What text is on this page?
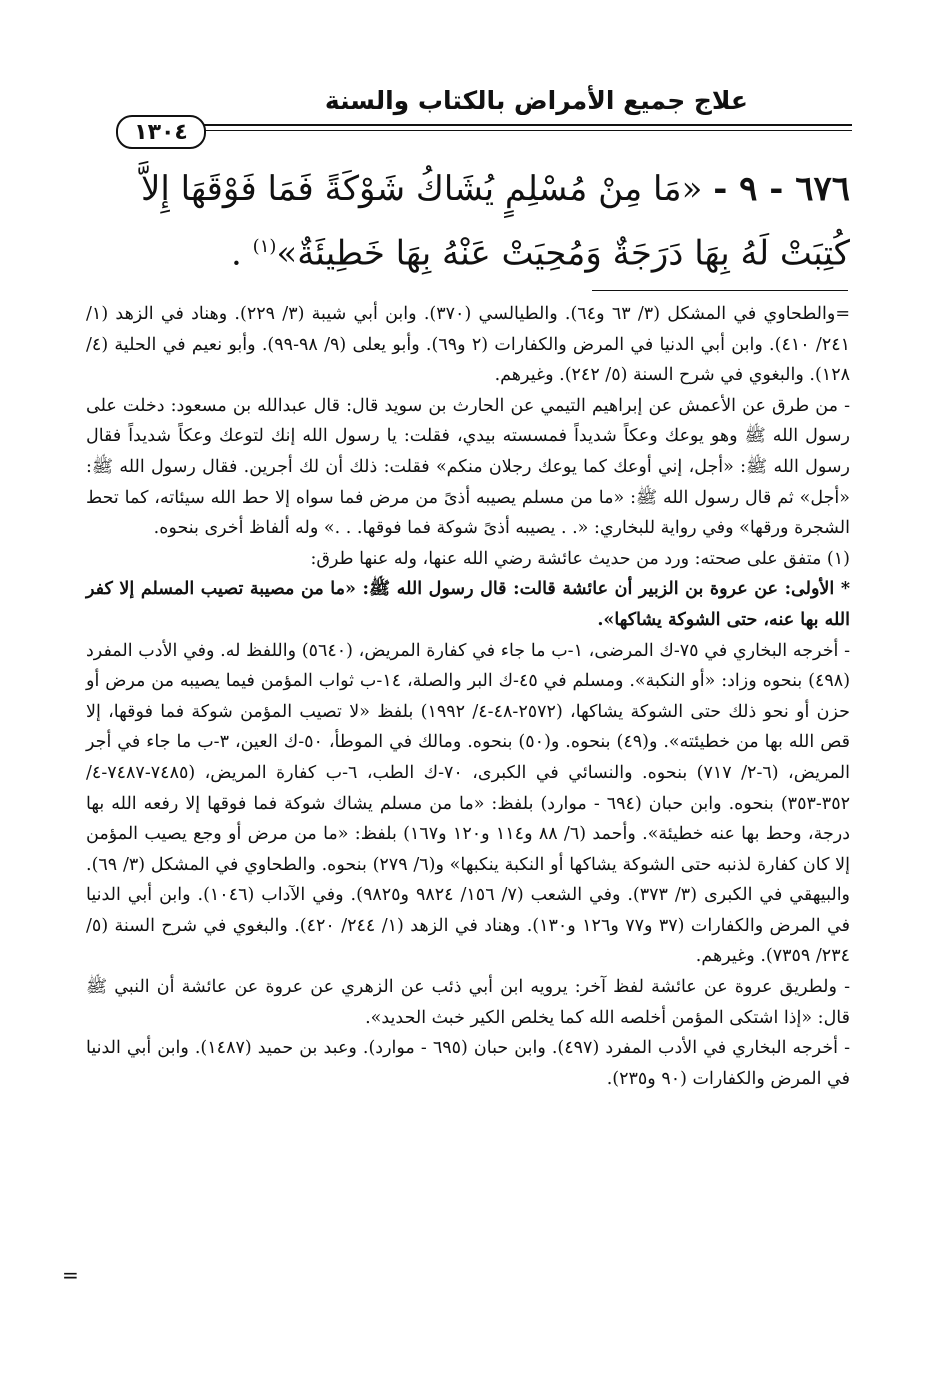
علاج جميع الأمراض بالكتاب والسنة
١٣٠٤
٦٧٦ - ٩ - «مَا مِنْ مُسْلِمٍ يُشَاكُ شَوْكَةً فَمَا فَوْقَهَا إِلاَّ كُتِبَتْ لَهُ بِهَا دَرَجَةٌ وَمُحِيَتْ عَنْهُ بِهَا خَطِيئَةٌ»$^{(١)}$ .

=والطحاوي في المشكل (٣/ ٦٣ و٦٤). والطيالسي (٣٧٠). وابن أبي شيبة (٣/ ٢٢٩). وهناد في الزهد (١/ ٢٤١/ ٤١٠). وابن أبي الدنيا في المرض والكفارات (٢ و٦٩). وأبو يعلى (٩/ ٩٨-٩٩). وأبو نعيم في الحلية (٤/ ١٢٨). والبغوي في شرح السنة (٥/ ٢٤٢). وغيرهم.

- من طرق عن الأعمش عن إبراهيم التيمي عن الحارث بن سويد قال: قال عبدالله بن مسعود: دخلت على رسول الله ﷺ وهو يوعك وعكاً شديداً فمسسته بيدي، فقلت: يا رسول الله إنك لتوعك وعكاً شديداً فقال رسول الله ﷺ: «أجل، إني أوعك كما يوعك رجلان منكم» فقلت: ذلك أن لك أجرين. فقال رسول الله ﷺ: «أجل» ثم قال رسول الله ﷺ: «ما من مسلم يصيبه أذىً من مرض فما سواه إلا حط الله سيئاته، كما تحط الشجرة ورقها» وفي رواية للبخاري: «. . يصيبه أذىً شوكة فما فوقها. . .» وله ألفاظ أخرى بنحوه.

(١) متفق على صحته: ورد من حديث عائشة رضي الله عنها، وله عنها طرق:

* الأولى: عن عروة بن الزبير أن عائشة قالت: قال رسول الله ﷺ: «ما من مصيبة تصيب المسلم إلا كفر الله بها عنه، حتى الشوكة يشاكها».

- أخرجه البخاري في ٧٥-ك المرضى، ١-ب ما جاء في كفارة المريض، (٥٦٤٠) واللفظ له. وفي الأدب المفرد (٤٩٨) بنحوه وزاد: «أو النكبة». ومسلم في ٤٥-ك البر والصلة، ١٤-ب ثواب المؤمن فيما يصيبه من مرض أو حزن أو نحو ذلك حتى الشوكة يشاكها، (٢٥٧٢-٤٨-٤/ ١٩٩٢) بلفظ «لا تصيب المؤمن شوكة فما فوقها، إلا قص الله بها من خطيئته». و(٤٩) بنحوه. و(٥٠) بنحوه. ومالك في الموطأ، ٥٠-ك العين، ٣-ب ما جاء في أجر المريض، (٦-٢/ ٧١٧) بنحوه. والنسائي في الكبرى، ٧٠-ك الطب، ٦-ب كفارة المريض، (٧٤٨٥-٧٤٨٧-٤/ ٣٥٢-٣٥٣) بنحوه. وابن حبان (٦٩٤ - موارد) بلفظ: «ما من مسلم يشاك شوكة فما فوقها إلا رفعه الله بها درجة، وحط بها عنه خطيئة». وأحمد (٦/ ٨٨ و١١٤ و١٢٠ و١٦٧) بلفظ: «ما من مرض أو وجع يصيب المؤمن إلا كان كفارة لذنبه حتى الشوكة يشاكها أو النكبة ينكبها» و(٦/ ٢٧٩) بنحوه. والطحاوي في المشكل (٣/ ٦٩). والبيهقي في الكبرى (٣/ ٣٧٣). وفي الشعب (٧/ ١٥٦/ ٩٨٢٤ و٩٨٢٥). وفي الآداب (١٠٤٦). وابن أبي الدنيا في المرض والكفارات (٣٧ و٧٧ و١٢٦ و١٣٠). وهناد في الزهد (١/ ٢٤٤/ ٤٢٠). والبغوي في شرح السنة (٥/ ٢٣٤/ ٧٣٥٩). وغيرهم.

- ولطريق عروة عن عائشة لفظ آخر: يرويه ابن أبي ذئب عن الزهري عن عروة عن عائشة أن النبي ﷺ قال: «إذا اشتكى المؤمن أخلصه الله كما يخلص الكير خبث الحديد».

- أخرجه البخاري في الأدب المفرد (٤٩٧). وابن حبان (٦٩٥ - موارد). وعبد بن حميد (١٤٨٧). وابن أبي الدنيا في المرض والكفارات (٩٠ و٢٣٥).

=
